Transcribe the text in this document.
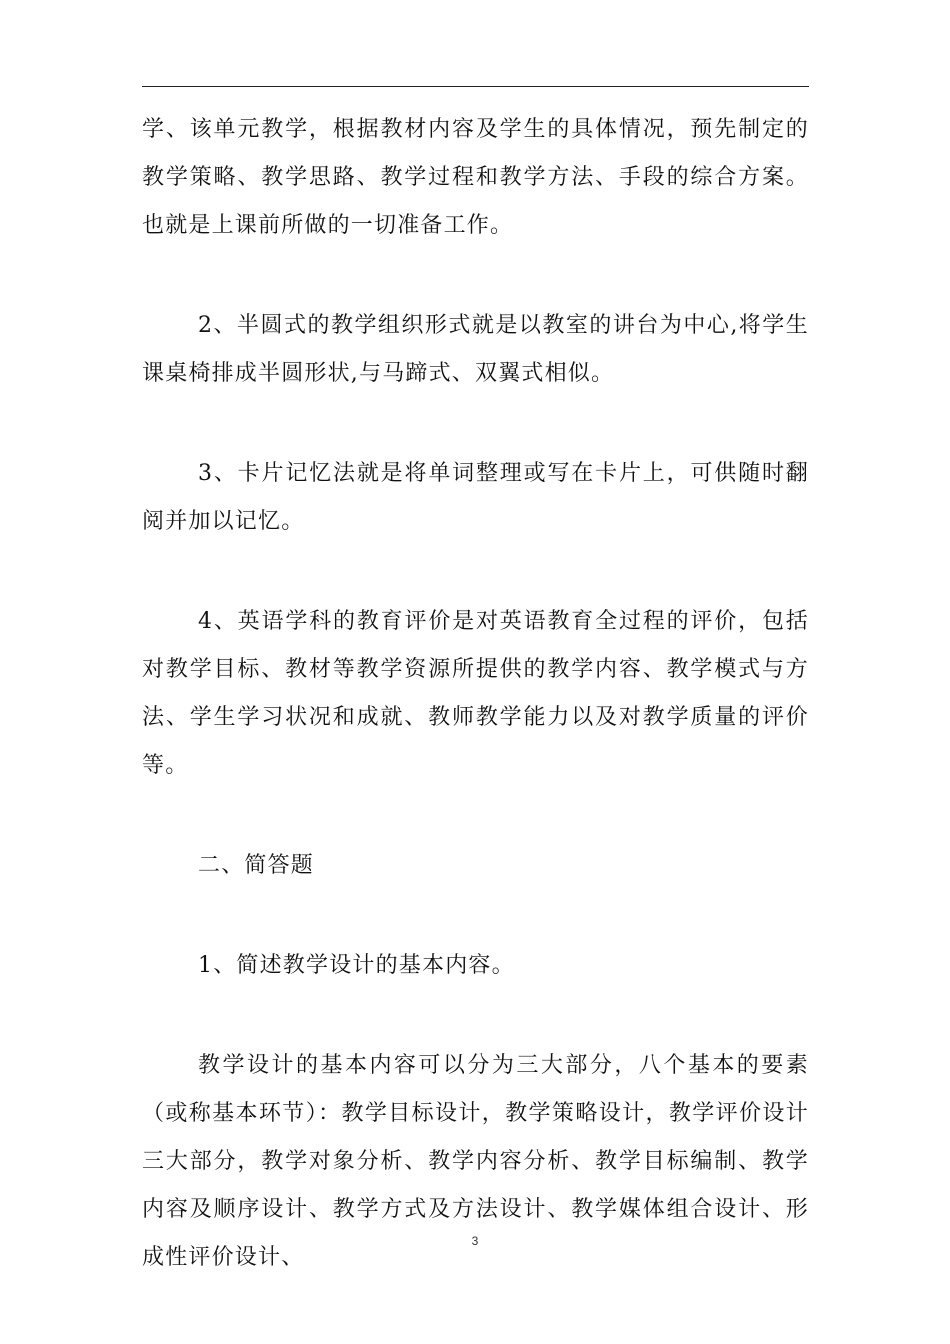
学、该单元教学，根据教材内容及学生的具体情况，预先制定的教学策略、教学思路、教学过程和教学方法、手段的综合方案。也就是上课前所做的一切准备工作。

2、半圆式的教学组织形式就是以教室的讲台为中心,将学生课桌椅排成半圆形状,与马蹄式、双翼式相似。

3、卡片记忆法就是将单词整理或写在卡片上，可供随时翻阅并加以记忆。

4、英语学科的教育评价是对英语教育全过程的评价，包括对教学目标、教材等教学资源所提供的教学内容、教学模式与方法、学生学习状况和成就、教师教学能力以及对教学质量的评价等。

二、简答题

1、简述教学设计的基本内容。

教学设计的基本内容可以分为三大部分，八个基本的要素（或称基本环节）：教学目标设计，教学策略设计，教学评价设计三大部分，教学对象分析、教学内容分析、教学目标编制、教学内容及顺序设计、教学方式及方法设计、教学媒体组合设计、形成性评价设计、

3
